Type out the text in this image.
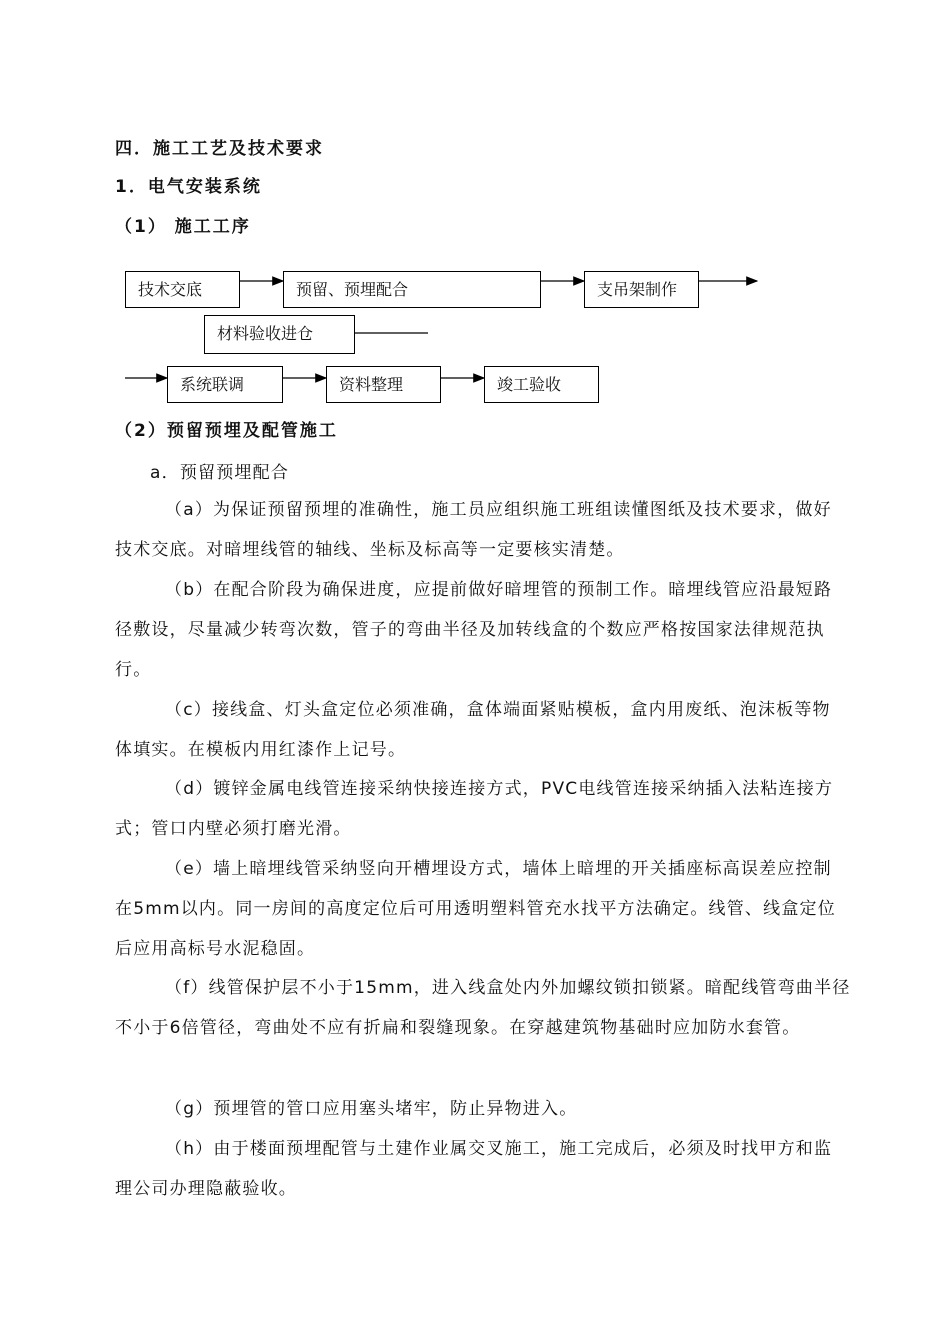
四．施工工艺及技术要求
1．电气安装系统
（1） 施工工序
技术交底	预留、预埋配合	支吊架制作
材料验收进仓
系统联调	资料整理	竣工验收
（2）预留预埋及配管施工
a．预留预埋配合
（a）为保证预留预埋的准确性，施工员应组织施工班组读懂图纸及技术要求，做好
技术交底。对暗埋线管的轴线、坐标及标高等一定要核实清楚。
（b）在配合阶段为确保进度，应提前做好暗埋管的预制工作。暗埋线管应沿最短路
径敷设，尽量减少转弯次数，管子的弯曲半径及加转线盒的个数应严格按国家法律规范执
行。
（c）接线盒、灯头盒定位必须准确，盒体端面紧贴模板，盒内用废纸、泡沫板等物
体填实。在模板内用红漆作上记号。
（d）镀锌金属电线管连接采纳快接连接方式，PVC电线管连接采纳插入法粘连接方
式；管口内壁必须打磨光滑。
（e）墙上暗埋线管采纳竖向开槽埋设方式，墙体上暗埋的开关插座标高误差应控制
在5mm以内。同一房间的高度定位后可用透明塑料管充水找平方法确定。线管、线盒定位
后应用高标号水泥稳固。
（f）线管保护层不小于15mm，进入线盒处内外加螺纹锁扣锁紧。暗配线管弯曲半径
不小于6倍管径，弯曲处不应有折扁和裂缝现象。在穿越建筑物基础时应加防水套管。
（g）预埋管的管口应用塞头堵牢，防止异物进入。
（h）由于楼面预埋配管与土建作业属交叉施工，施工完成后，必须及时找甲方和监
理公司办理隐蔽验收。
